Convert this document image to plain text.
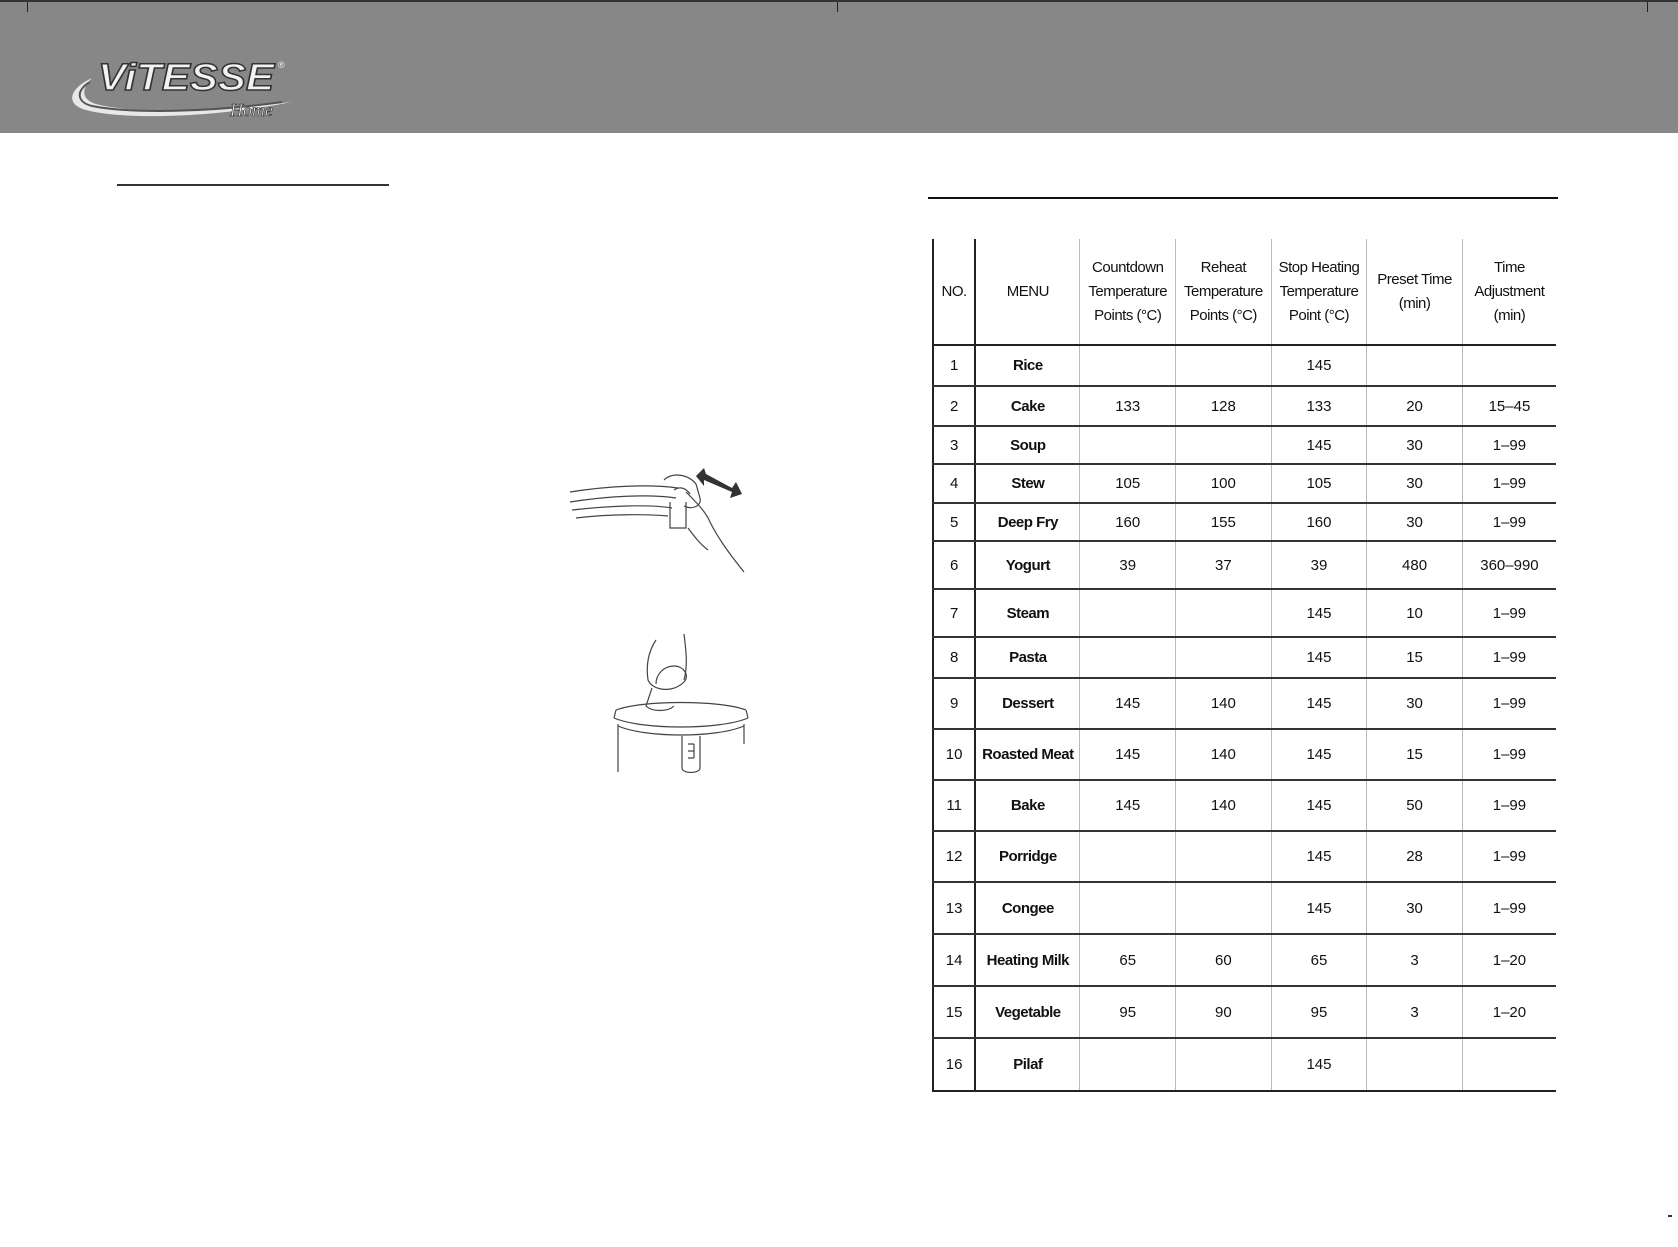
ViTESSE ®
Home
NO.	MENU	Countdown Temperature Points (°C)	Reheat Temperature Points (°C)	Stop Heating Temperature Point (°C)	Preset Time (min)	Time Adjustment (min)
1	Rice			145		
2	Cake	133	128	133	20	15–45
3	Soup			145	30	1–99
4	Stew	105	100	105	30	1–99
5	Deep Fry	160	155	160	30	1–99
6	Yogurt	39	37	39	480	360–990
7	Steam			145	10	1–99
8	Pasta			145	15	1–99
9	Dessert	145	140	145	30	1–99
10	Roasted Meat	145	140	145	15	1–99
11	Bake	145	140	145	50	1–99
12	Porridge			145	28	1–99
13	Congee			145	30	1–99
14	Heating Milk	65	60	65	3	1–20
15	Vegetable	95	90	95	3	1–20
16	Pilaf			145		
